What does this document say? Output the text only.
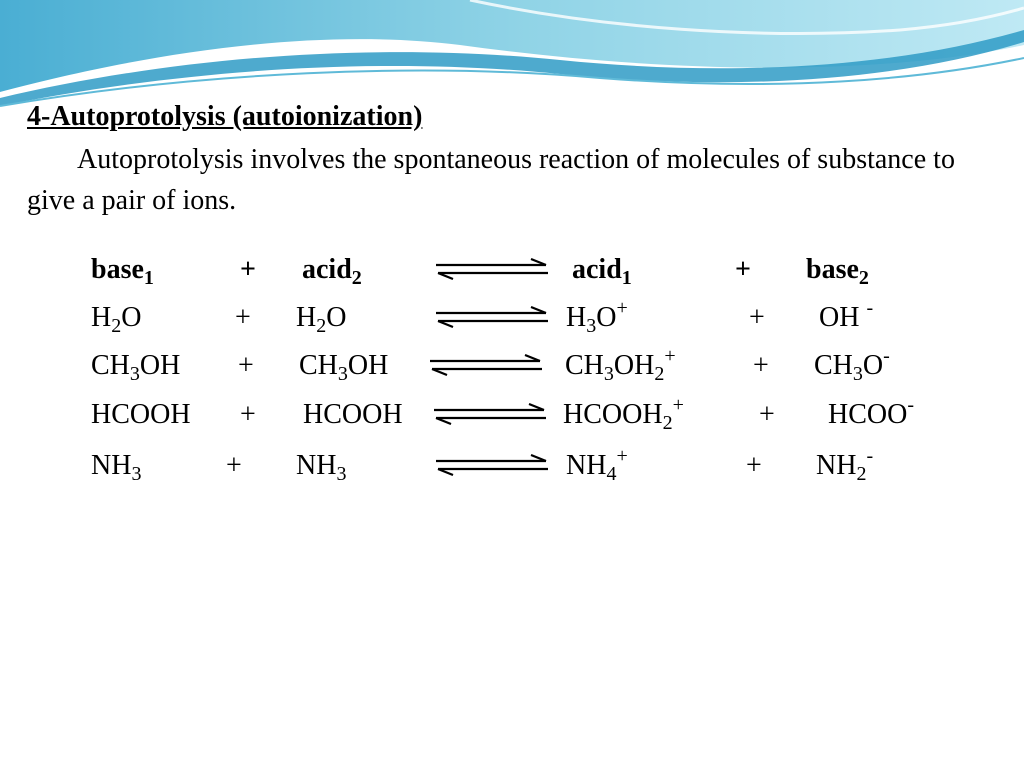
4-Autoprotolysis (autoionization)

Autoprotolysis involves the spontaneous reaction of molecules of substance to give a pair of ions.

base$_1$	+ acid$_2$	acid$_1$	+ base$_2$
$H_2O$	+ $H_2O$	$H_3O^+$	+ OH -
$CH_3OH + CH_3OH$	$CH_3OH_2^+$	+ $CH_3O^-$
HCOOH + HCOOH	$HCOOH_2^+$	+ HCOO-
$NH_3$	+ $NH_3$	$NH_4^+$	+ $NH_2^-$
